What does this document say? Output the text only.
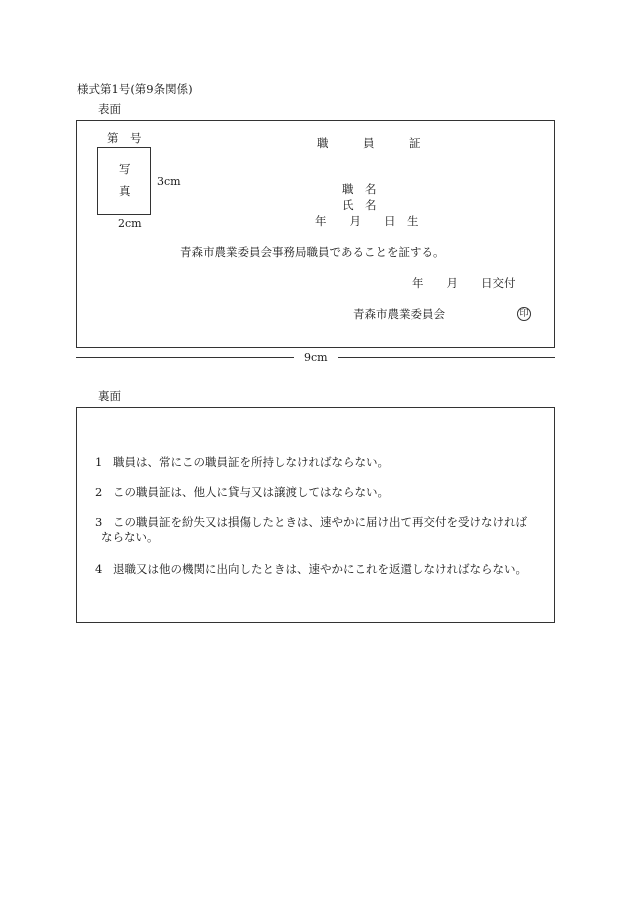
様式第1号(第9条関係)
表面
第　号	職　　　員　　　証
写
真
3cm
2cm
職　名
氏　名
年　　月　　日　生
青森市農業委員会事務局職員であることを証する。
年　　月　　日交付
青森市農業委員会	印
9cm
裏面
1 職員は、常にこの職員証を所持しなければならない。
2 この職員証は、他人に貸与又は譲渡してはならない。
3 この職員証を紛失又は損傷したときは、速やかに届け出て再交付を受けなければ
ならない。
4 退職又は他の機関に出向したときは、速やかにこれを返還しなければならない。
